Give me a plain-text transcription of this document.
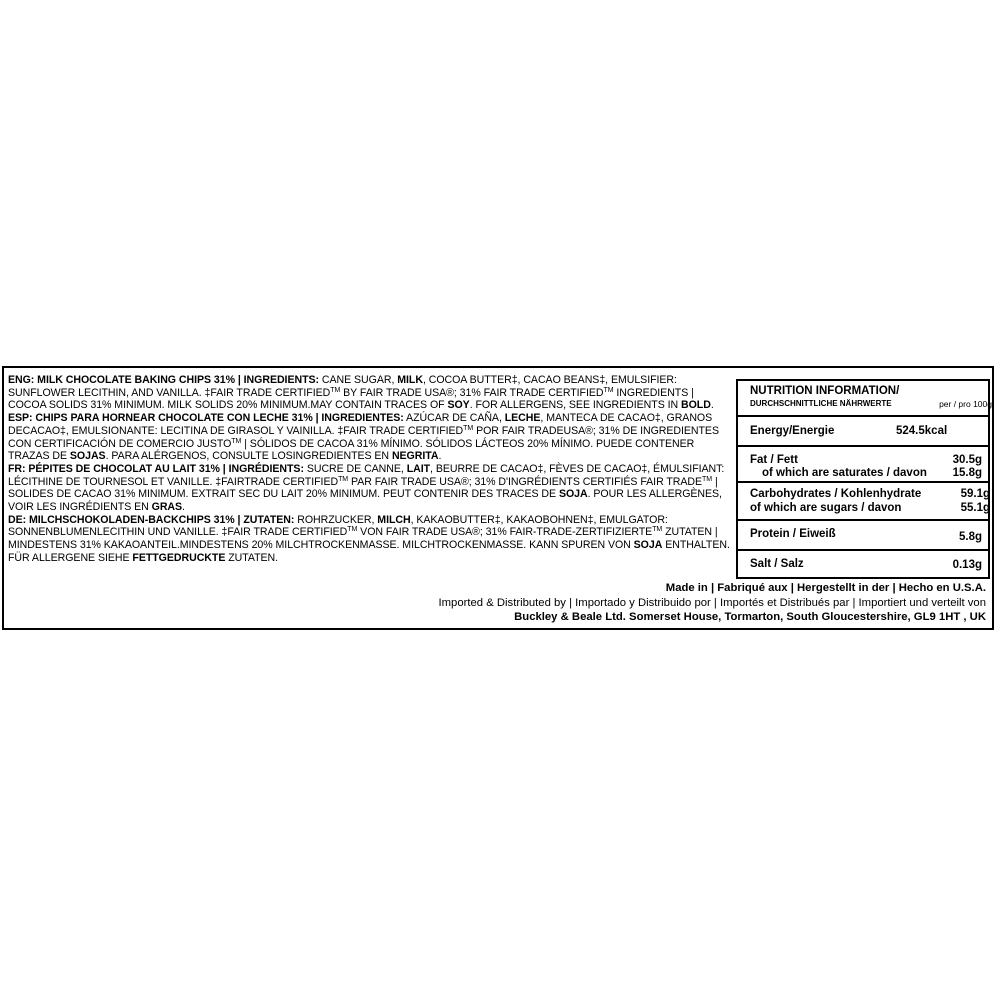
ENG: MILK CHOCOLATE BAKING CHIPS 31% | INGREDIENTS: CANE SUGAR, MILK, COCOA BUTTER‡, CACAO BEANS‡, EMULSIFIER: SUNFLOWER LECITHIN, AND VANILLA. ‡FAIR TRADE CERTIFIED™ BY FAIR TRADE USA®; 31% FAIR TRADE CERTIFIED™ INGREDIENTS | COCOA SOLIDS 31% MINIMUM. MILK SOLIDS 20% MINIMUM.MAY CONTAIN TRACES OF SOY. FOR ALLERGENS, SEE INGREDIENTS IN BOLD.

ESP: CHIPS PARA HORNEAR CHOCOLATE CON LECHE 31% | INGREDIENTES: AZÚCAR DE CAÑA, LECHE, MANTECA DE CACAO‡, GRANOS DECACAO‡, EMULSIONANTE: LECITINA DE GIRASOL Y VAINILLA. ‡FAIR TRADE CERTIFIED™ POR FAIR TRADEUSA®; 31% DE INGREDIENTES CON CERTIFICACIÓN DE COMERCIO JUSTO™ | SÓLIDOS DE CACOA 31% MÍNIMO. SÓLIDOS LÁCTEOS 20% MÍNIMO. PUEDE CONTENER TRAZAS DE SOJAS. PARA ALÉRGENOS, CONSULTE LOSINGREDIENTES EN NEGRITA.

FR: PÉPITES DE CHOCOLAT AU LAIT 31% | INGRÉDIENTS: SUCRE DE CANNE, LAIT, BEURRE DE CACAO‡, FÈVES DE CACAO‡, ÉMULSIFIANT: LÉCITHINE DE TOURNESOL ET VANILLE. ‡FAIRTRADE CERTIFIED™ PAR FAIR TRADE USA®; 31% D'INGRÉDIENTS CERTIFIÉS FAIR TRADE™ | SOLIDES DE CACAO 31% MINIMUM. EXTRAIT SEC DU LAIT 20% MINIMUM. PEUT CONTENIR DES TRACES DE SOJA. POUR LES ALLERGÈNES, VOIR LES INGRÉDIENTS EN GRAS.

DE: MILCHSCHOKOLADEN-BACKCHIPS 31% | ZUTATEN: ROHRZUCKER, MILCH, KAKAOBUTTER‡, KAKAOBOHNEN‡, EMULGATOR: SONNENBLUMENLECITHIN UND VANILLE. ‡FAIR TRADE CERTIFIED™ VON FAIR TRADE USA®; 31% FAIR-TRADE-ZERTIFIZIERTE™ ZUTATEN | MINDESTENS 31% KAKAOANTEIL.MINDESTENS 20% MILCHTROCKENMASSE. MILCHTROCKENMASSE. KANN SPUREN VON SOJA ENTHALTEN. FÜR ALLERGENE SIEHE FETTGEDRUCKTE ZUTATEN.

NUTRITION INFORMATION/
DURCHSCHNITTLICHE NÄHRWERTE	per / pro 100g
Energy/Energie	524.5kcal
Fat / Fett	30.5g
of which are saturates / davon 15.8g
Carbohydrates / Kohlenhydrate	59.1g
of which are sugars / davon	55.1g
Protein / Eiweiß	5.8g
Salt / Salz	0.13g
Made in | Fabriqué aux | Hergestellt in der | Hecho en U.S.A.
Imported & Distributed by | Importado y Distribuido por | Importés et Distribués par | Importiert und verteilt von
Buckley & Beale Ltd. Somerset House, Tormarton, South Gloucestershire, GL9 1HT , UK
